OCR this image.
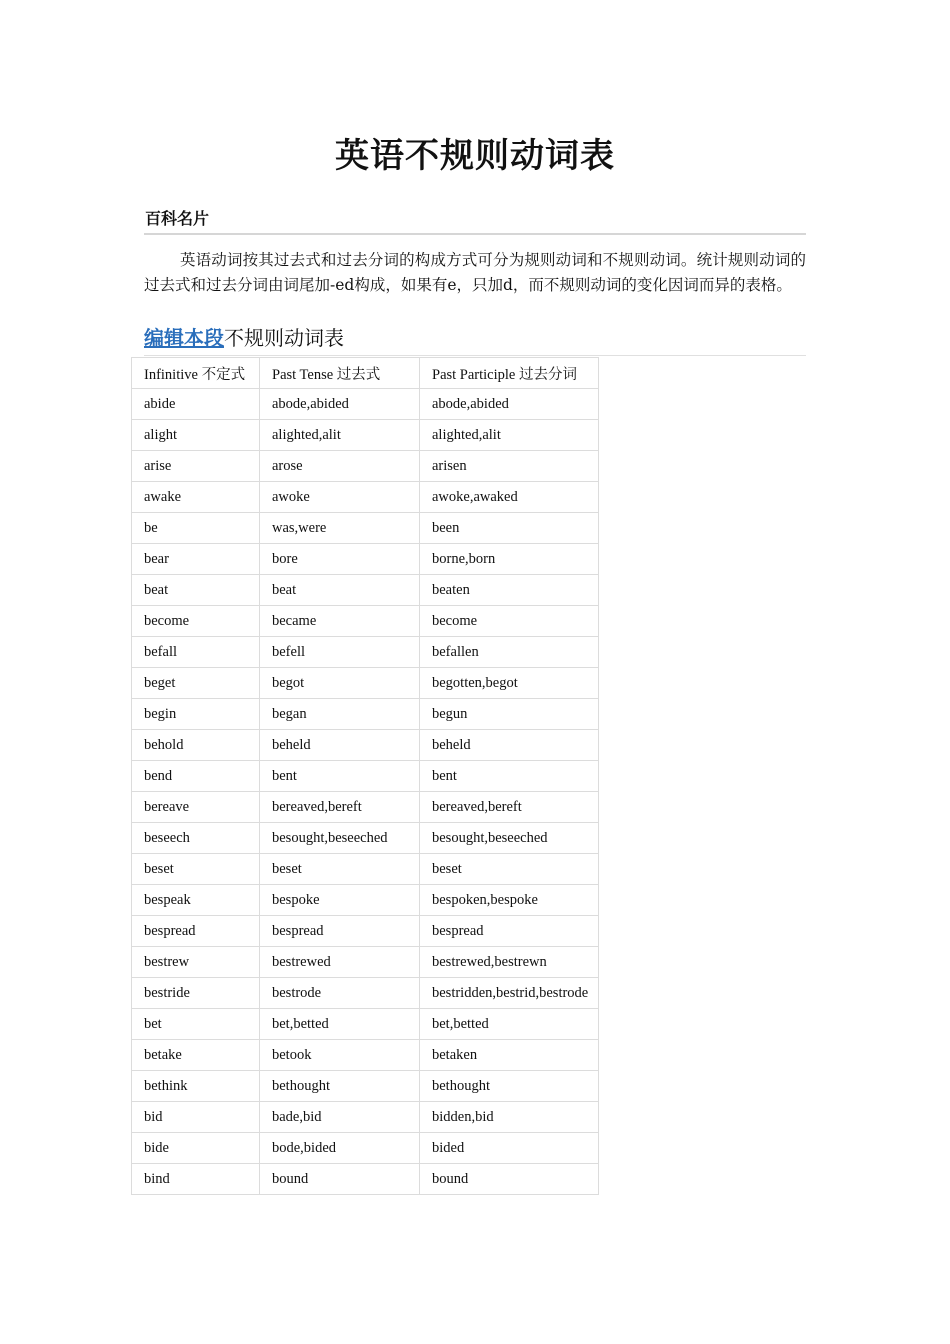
英语不规则动词表
百科名片

英语动词按其过去式和过去分词的构成方式可分为规则动词和不规则动词。统计规则动词的过去式和过去分词由词尾加-ed构成，如果有e，只加d，而不规则动词的变化因词而异的表格。

编辑本段不规则动词表
Infinitive 不定式	Past Tense 过去式	Past Participle 过去分词
abide	abode,abided	abode,abided
alight	alighted,alit	alighted,alit
arise	arose	arisen
awake	awoke	awoke,awaked
be	was,were	been
bear	bore	borne,born
beat	beat	beaten
become	became	become
befall	befell	befallen
beget	begot	begotten,begot
begin	began	begun
behold	beheld	beheld
bend	bent	bent
bereave	bereaved,bereft	bereaved,bereft
beseech	besought,beseeched	besought,beseeched
beset	beset	beset
bespeak	bespoke	bespoken,bespoke
bespread	bespread	bespread
bestrew	bestrewed	bestrewed,bestrewn
bestride	bestrode	bestridden,bestrid,bestrode
bet	bet,betted	bet,betted
betake	betook	betaken
bethink	bethought	bethought
bid	bade,bid	bidden,bid
bide	bode,bided	bided
bind	bound	bound
